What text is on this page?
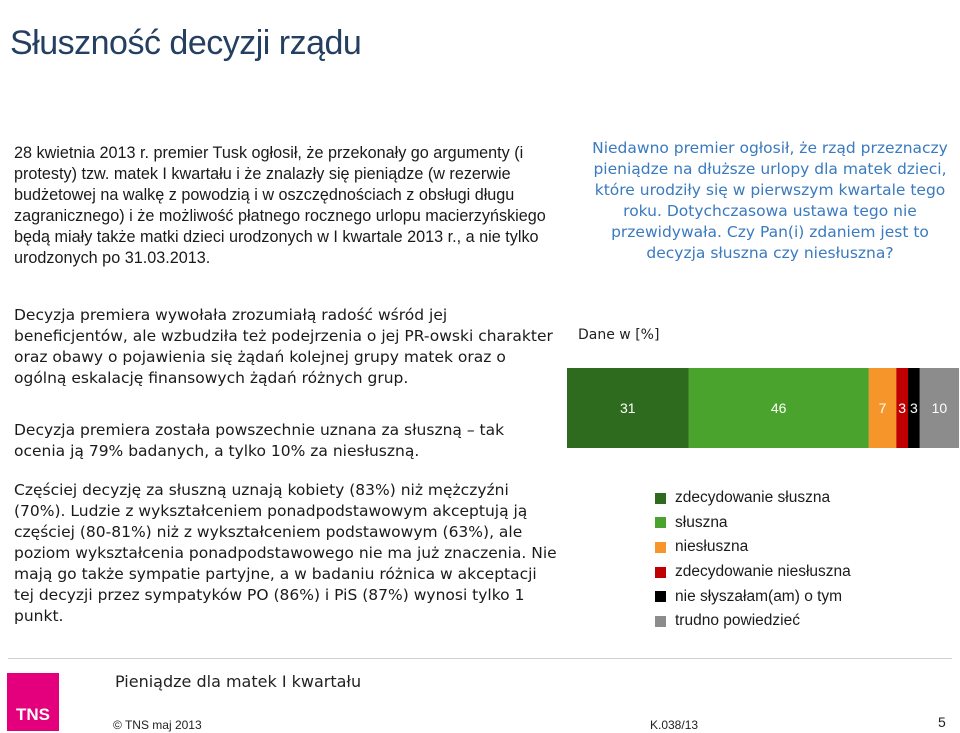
Słuszność decyzji rządu

28 kwietnia 2013 r. premier Tusk ogłosił, że przekonały go argumenty (i protesty) tzw. matek I kwartału i że znalazły się pieniądze (w rezerwie budżetowej na walkę z powodzią i w oszczędnościach z obsługi długu zagranicznego) i że możliwość płatnego rocznego urlopu macierzyńskiego będą miały także matki dzieci urodzonych w I kwartale 2013 r., a nie tylko urodzonych po 31.03.2013.

Decyzja premiera wywołała zrozumiałą radość wśród jej beneficjentów, ale wzbudziła też podejrzenia o jej PR-owski charakter oraz obawy o pojawienia się żądań kolejnej grupy matek oraz o ogólną eskalację finansowych żądań różnych grup.

Decyzja premiera została powszechnie uznana za słuszną – tak ocenia ją 79% badanych, a tylko 10% za niesłuszną.

Częściej decyzję za słuszną uznają kobiety (83%) niż mężczyźni (70%). Ludzie z wykształceniem ponadpodstawowym akceptują ją częściej (80-81%) niż z wykształceniem podstawowym (63%), ale poziom wykształcenia ponadpodstawowego nie ma już znaczenia. Nie mają go także sympatie partyjne, a w badaniu różnica w akceptacji tej decyzji przez sympatyków PO (86%) i PiS (87%) wynosi tylko 1 punkt.

Niedawno premier ogłosił, że rząd przeznaczy pieniądze na dłuższe urlopy dla matek dzieci, które urodziły się w pierwszym kwartale tego roku. Dotychczasowa ustawa tego nie przewidywała. Czy Pan(i) zdaniem jest to decyzja słuszna czy niesłuszna?
Dane w [%]
31	46	7 3 3 10
zdecydowanie słuszna
słuszna
niesłuszna
zdecydowanie niesłuszna
nie słyszałam(am) o tym
trudno powiedzieć
TNS
Pieniądze dla matek I kwartału
© TNS maj 2013	K.038/13	5
